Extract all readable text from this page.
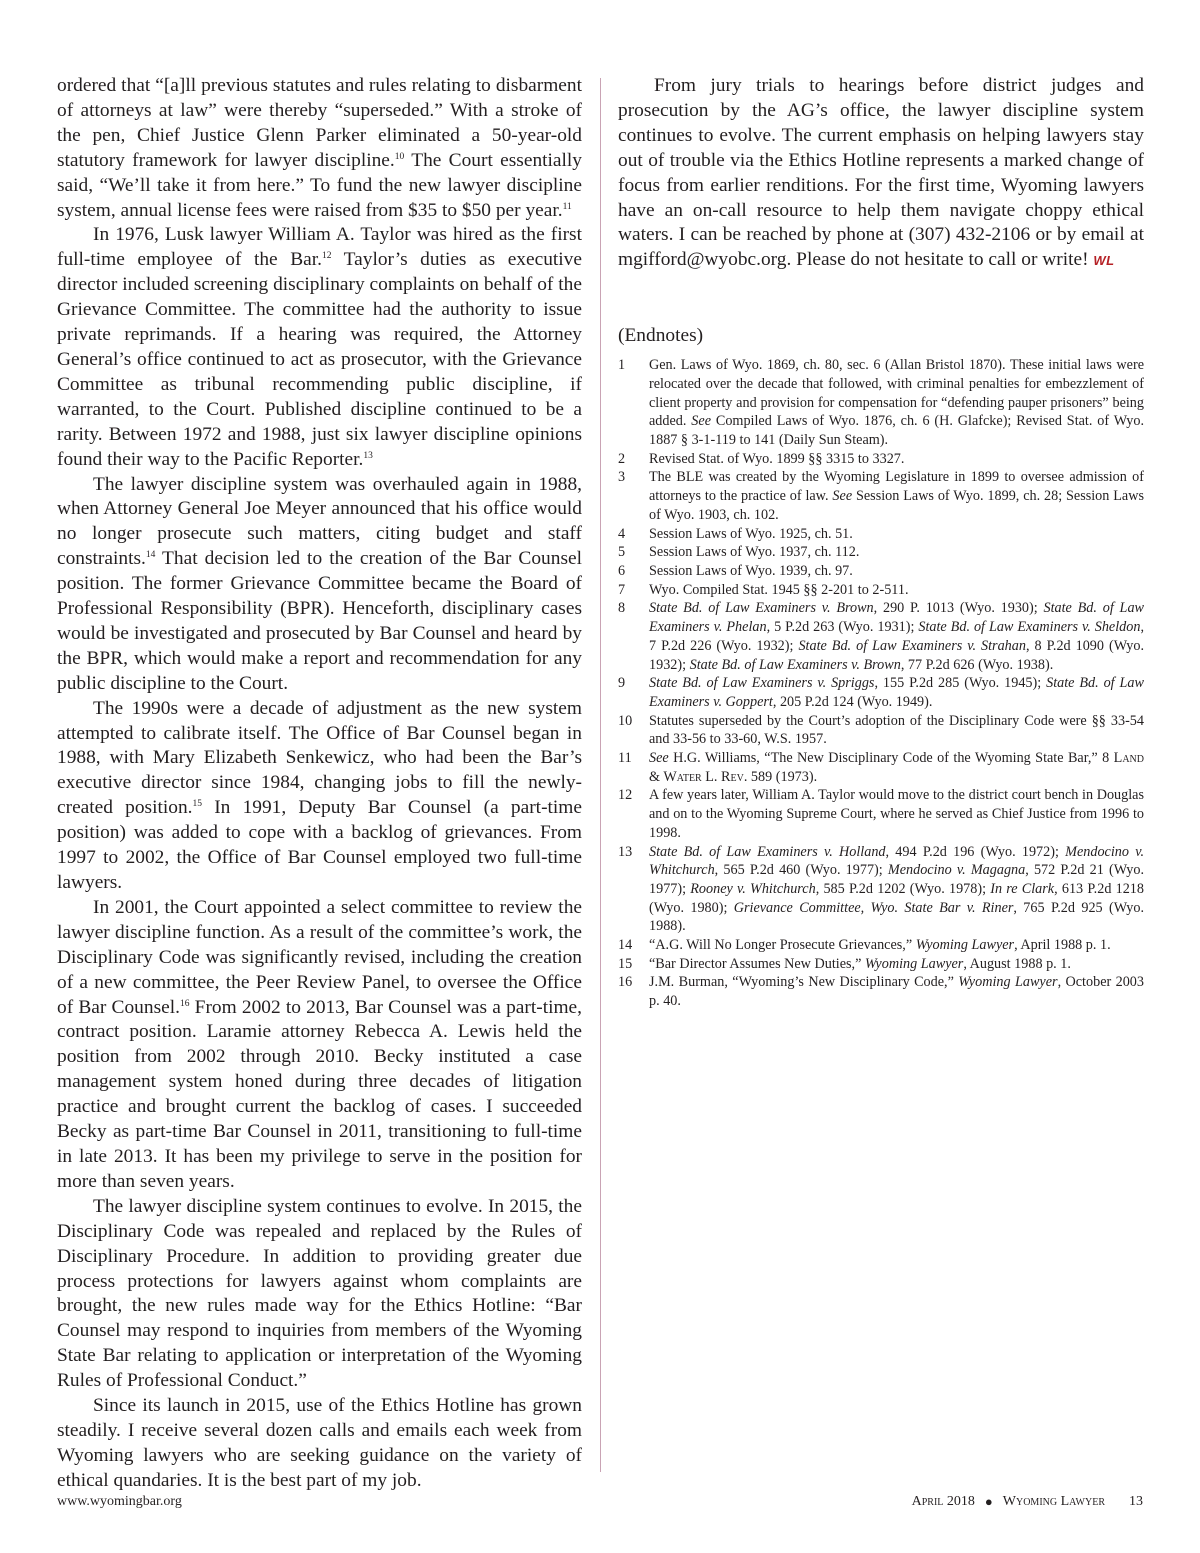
ordered that “[a]ll previous statutes and rules relating to disbarment of attorneys at law” were thereby “superseded.” With a stroke of the pen, Chief Justice Glenn Parker eliminated a 50-year-old statutory framework for lawyer discipline.$^{10}$ The Court essentially said, “We’ll take it from here.” To fund the new lawyer discipline system, annual license fees were raised from $35 to $50 per year.$^{11}$

In 1976, Lusk lawyer William A. Taylor was hired as the first full-time employee of the Bar.$^{12}$ Taylor’s duties as executive director included screening disciplinary complaints on behalf of the Grievance Committee. The committee had the authority to issue private reprimands. If a hearing was required, the Attorney General’s office continued to act as prosecutor, with the Grievance Committee as tribunal recommending public discipline, if warranted, to the Court. Published discipline continued to be a rarity. Between 1972 and 1988, just six lawyer discipline opinions found their way to the Pacific Reporter.$^{13}$

The lawyer discipline system was overhauled again in 1988, when Attorney General Joe Meyer announced that his office would no longer prosecute such matters, citing budget and staff constraints.$^{14}$ That decision led to the creation of the Bar Counsel position. The former Grievance Committee became the Board of Professional Responsibility (BPR). Henceforth, disciplinary cases would be investigated and prosecuted by Bar Counsel and heard by the BPR, which would make a report and recommendation for any public discipline to the Court.

The 1990s were a decade of adjustment as the new system attempted to calibrate itself. The Office of Bar Counsel began in 1988, with Mary Elizabeth Senkewicz, who had been the Bar’s executive director since 1984, changing jobs to fill the newly-created position.$^{15}$ In 1991, Deputy Bar Counsel (a part-time position) was added to cope with a backlog of grievances. From 1997 to 2002, the Office of Bar Counsel employed two full-time lawyers.

In 2001, the Court appointed a select committee to review the lawyer discipline function. As a result of the committee’s work, the Disciplinary Code was significantly revised, including the creation of a new committee, the Peer Review Panel, to oversee the Office of Bar Counsel.$^{16}$ From 2002 to 2013, Bar Counsel was a part-time, contract position. Laramie attorney Rebecca A. Lewis held the position from 2002 through 2010. Becky instituted a case management system honed during three decades of litigation practice and brought current the backlog of cases. I succeeded Becky as part-time Bar Counsel in 2011, transitioning to full-time in late 2013. It has been my privilege to serve in the position for more than seven years.

The lawyer discipline system continues to evolve. In 2015, the Disciplinary Code was repealed and replaced by the Rules of Disciplinary Procedure. In addition to providing greater due process protections for lawyers against whom complaints are brought, the new rules made way for the Ethics Hotline: “Bar Counsel may respond to inquiries from members of the Wyoming State Bar relating to application or interpretation of the Wyoming Rules of Professional Conduct.”

Since its launch in 2015, use of the Ethics Hotline has grown steadily. I receive several dozen calls and emails each week from Wyoming lawyers who are seeking guidance on the variety of ethical quandaries. It is the best part of my job.

From jury trials to hearings before district judges and prosecution by the AG’s office, the lawyer discipline system continues to evolve. The current emphasis on helping lawyers stay out of trouble via the Ethics Hotline represents a marked change of focus from earlier renditions. For the first time, Wyoming lawyers have an on-call resource to help them navigate choppy ethical waters. I can be reached by phone at (307) 432-2106 or by email at mgifford@wyobc.org. Please do not hesitate to call or write! WL

(Endnotes)
1	Gen. Laws of Wyo. 1869, ch. 80, sec. 6 (Allan Bristol 1870). These initial laws were relocated over the decade that followed, with criminal penalties for embezzlement of client property and provision for compensation for “defending pauper prisoners” being added. See Compiled Laws of Wyo. 1876, ch. 6 (H. Glafcke); Revised Stat. of Wyo. 1887 § 3-1-119 to 141 (Daily Sun Steam).
2	Revised Stat. of Wyo. 1899 §§ 3315 to 3327.
3	The BLE was created by the Wyoming Legislature in 1899 to oversee admission of attorneys to the practice of law. See Session Laws of Wyo. 1899, ch. 28; Session Laws of Wyo. 1903, ch. 102.
4	Session Laws of Wyo. 1925, ch. 51.
5	Session Laws of Wyo. 1937, ch. 112.
6	Session Laws of Wyo. 1939, ch. 97.
7	Wyo. Compiled Stat. 1945 §§ 2-201 to 2-511.
8	State Bd. of Law Examiners v. Brown, 290 P. 1013 (Wyo. 1930); State Bd. of Law Examiners v. Phelan, 5 P.2d 263 (Wyo. 1931); State Bd. of Law Examiners v. Sheldon, 7 P.2d 226 (Wyo. 1932); State Bd. of Law Examiners v. Strahan, 8 P.2d 1090 (Wyo. 1932); State Bd. of Law Examiners v. Brown, 77 P.2d 626 (Wyo. 1938).
9	State Bd. of Law Examiners v. Spriggs, 155 P.2d 285 (Wyo. 1945); State Bd. of Law Examiners v. Goppert, 205 P.2d 124 (Wyo. 1949).
10	Statutes superseded by the Court’s adoption of the Disciplinary Code were §§ 33-54 and 33-56 to 33-60, W.S. 1957.
11	See H.G. Williams, “The New Disciplinary Code of the Wyoming State Bar,” 8 Land & Water L. Rev. 589 (1973).
12	A few years later, William A. Taylor would move to the district court bench in Douglas and on to the Wyoming Supreme Court, where he served as Chief Justice from 1996 to 1998.
13	State Bd. of Law Examiners v. Holland, 494 P.2d 196 (Wyo. 1972); Mendocino v. Whitchurch, 565 P.2d 460 (Wyo. 1977); Mendocino v. Magagna, 572 P.2d 21 (Wyo. 1977); Rooney v. Whitchurch, 585 P.2d 1202 (Wyo. 1978); In re Clark, 613 P.2d 1218 (Wyo. 1980); Grievance Committee, Wyo. State Bar v. Riner, 765 P.2d 925 (Wyo. 1988).
14	“A.G. Will No Longer Prosecute Grievances,” Wyoming Lawyer, April 1988 p. 1.
15	“Bar Director Assumes New Duties,” Wyoming Lawyer, August 1988 p. 1.
16	J.M. Burman, “Wyoming’s New Disciplinary Code,” Wyoming Lawyer, October 2003 p. 40.
www.wyomingbar.org	April 2018 ● Wyoming Lawyer 13
